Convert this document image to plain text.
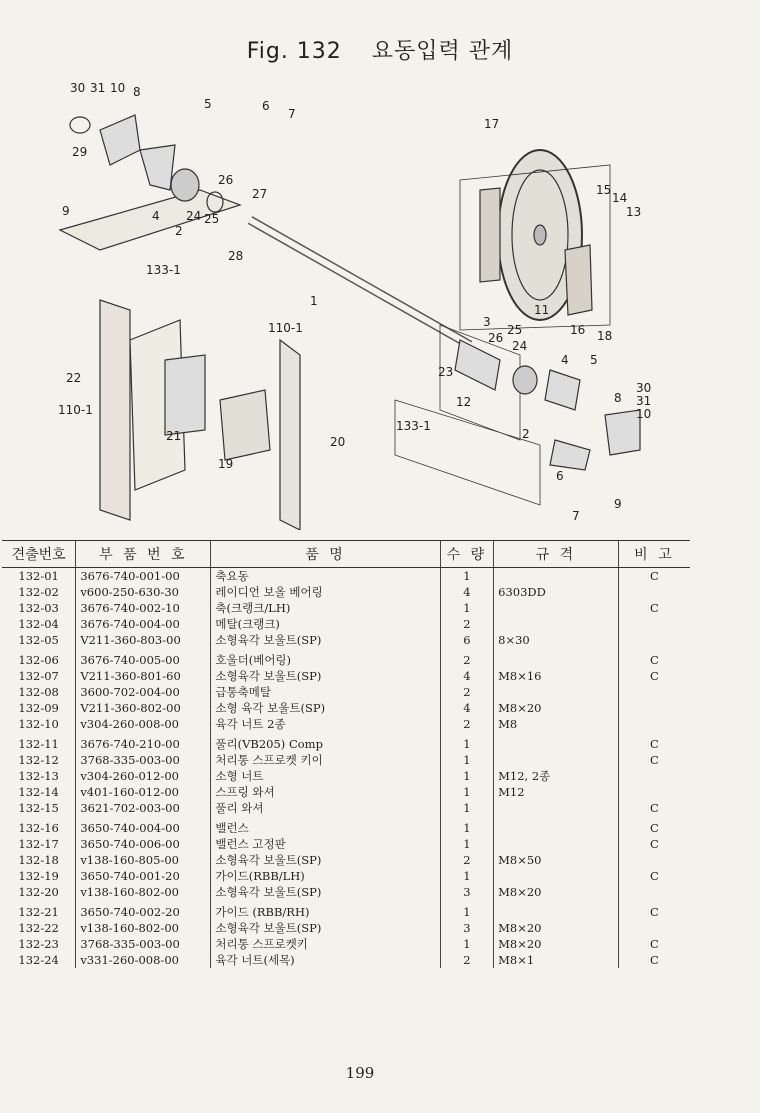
Fig. 132 요동입력 관계
30 31 10 8
5	6
7
29
9	4
2
24 25
26
27
28
133-1
1
17
15
14
13
11
16 18
3
25
26
24
23
12
4
2
5
30
31
10
8
133-1
6
7
9
22
110-1
110-1
21	20
19
견출번호	부 품 번 호	품 명	수 량	규 격	비 고
132-01	3676-740-001-00	축요동	1		C
132-02	v600-250-630-30	레이디언 보올 베어링	4	6303DD	
132-03	3676-740-002-10	축(크랭크/LH)	1		C
132-04	3676-740-004-00	메탈(크랭크)	2		
132-05	V211-360-803-00	소형육각 보울트(SP)	6	8×30	
132-06	3676-740-005-00	호울더(베어링)	2		C
132-07	V211-360-801-60	소형육각 보울트(SP)	4	M8×16	C
132-08	3600-702-004-00	급통축메탈	2		
132-09	V211-360-802-00	소형 육각 보울트(SP)	4	M8×20	
132-10	v304-260-008-00	육각 너트 2종	2	M8	
132-11	3676-740-210-00	풀리(VB205) Comp	1		C
132-12	3768-335-003-00	처리통 스프로켓 키이	1		C
132-13	v304-260-012-00	소형 너트	1	M12, 2종	
132-14	v401-160-012-00	스프링 와셔	1	M12	
132-15	3621-702-003-00	풀리 와셔	1		C
132-16	3650-740-004-00	밸런스	1		C
132-17	3650-740-006-00	밸런스 고정판	1		C
132-18	v138-160-805-00	소형육각 보울트(SP)	2	M8×50	
132-19	3650-740-001-20	가이드(RBB/LH)	1		C
132-20	v138-160-802-00	소형육각 보울트(SP)	3	M8×20	
132-21	3650-740-002-20	가이드 (RBB/RH)	1		C
132-22	v138-160-802-00	소형육각 보울트(SP)	3	M8×20	
132-23	3768-335-003-00	처리통 스프로켓키	1	M8×20	C
132-24	v331-260-008-00	육각 너트(세목)	2	M8×1	C
199
